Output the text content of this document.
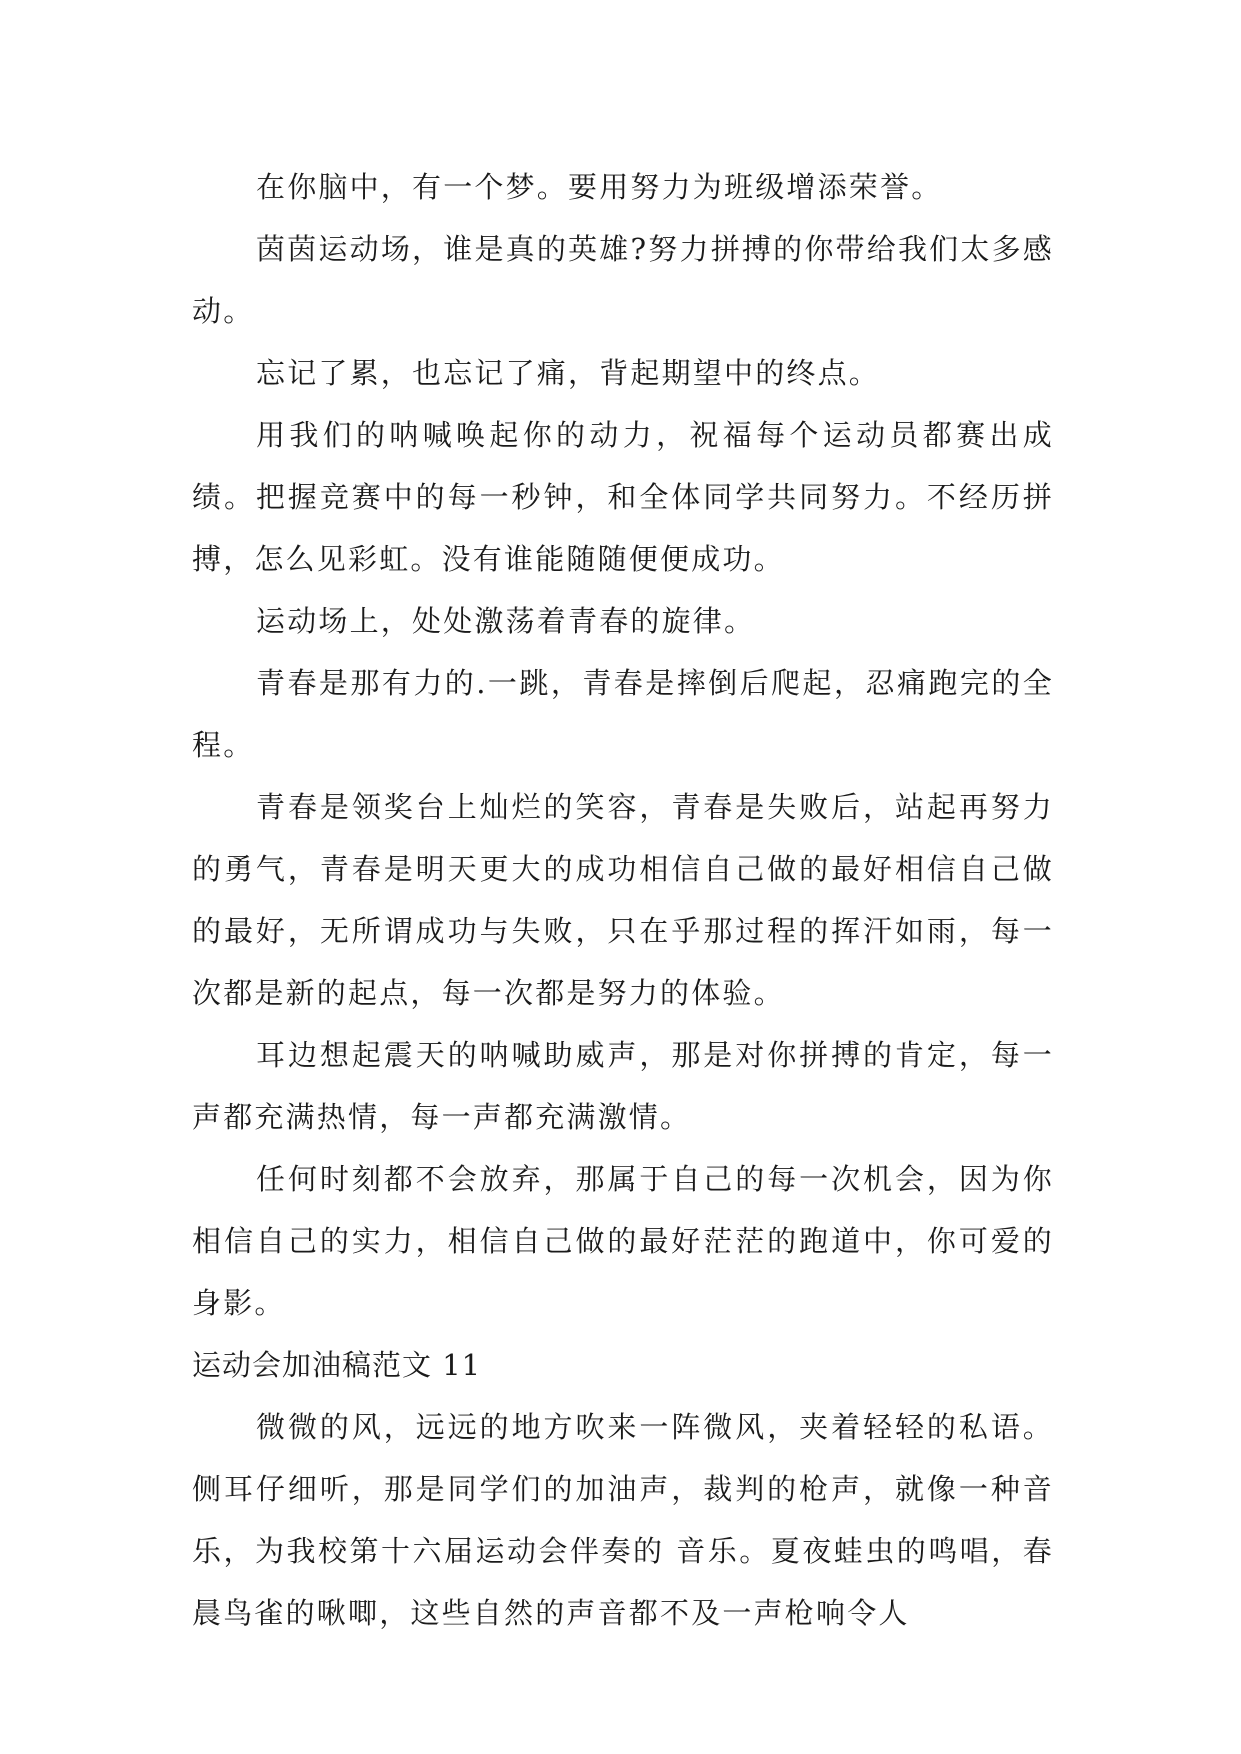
在你脑中，有一个梦。要用努力为班级增添荣誉。

茵茵运动场，谁是真的英雄?努力拼搏的你带给我们太多感动。

忘记了累，也忘记了痛，背起期望中的终点。

用我们的呐喊唤起你的动力，祝福每个运动员都赛出成绩。把握竞赛中的每一秒钟，和全体同学共同努力。不经历拼搏，怎么见彩虹。没有谁能随随便便成功。

运动场上，处处激荡着青春的旋律。

青春是那有力的.一跳，青春是摔倒后爬起，忍痛跑完的全程。

青春是领奖台上灿烂的笑容，青春是失败后，站起再努力的勇气，青春是明天更大的成功相信自己做的最好相信自己做的最好，无所谓成功与失败，只在乎那过程的挥汗如雨，每一次都是新的起点，每一次都是努力的体验。

耳边想起震天的呐喊助威声，那是对你拼搏的肯定，每一声都充满热情，每一声都充满激情。

任何时刻都不会放弃，那属于自己的每一次机会，因为你相信自己的实力，相信自己做的最好茫茫的跑道中，你可爱的身影。

运动会加油稿范文 11

微微的风，远远的地方吹来一阵微风，夹着轻轻的私语。侧耳仔细听，那是同学们的加油声，裁判的枪声，就像一种音乐，为我校第十六届运动会伴奏的 音乐。夏夜蛙虫的鸣唱，春晨鸟雀的啾唧，这些自然的声音都不及一声枪响令人
